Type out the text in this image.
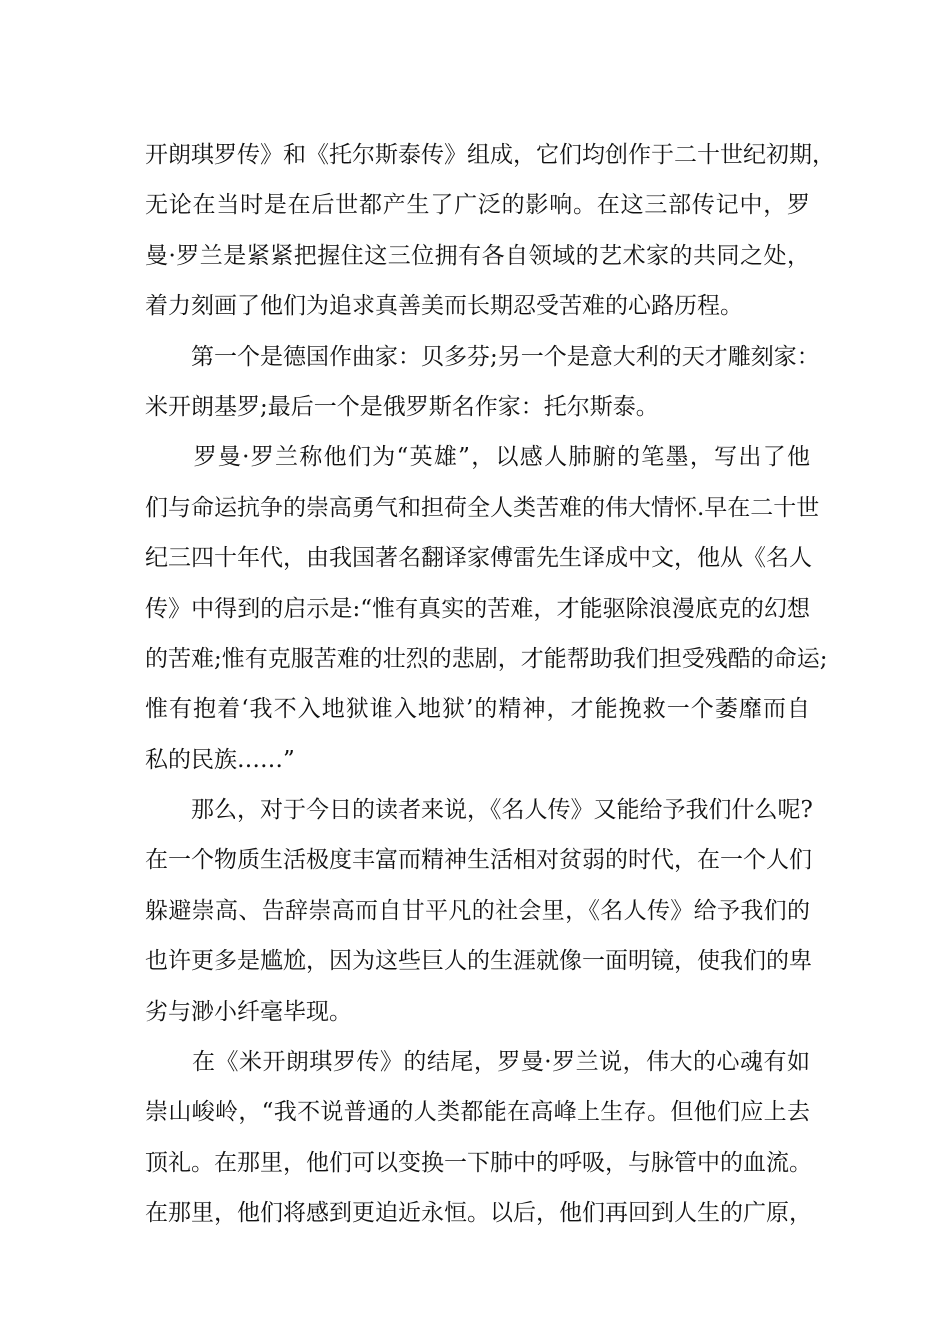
开朗琪罗传》和《托尔斯泰传》组成，它们均创作于二十世纪初期，
无论在当时是在后世都产生了广泛的影响。在这三部传记中，罗
曼·罗兰是紧紧把握住这三位拥有各自领域的艺术家的共同之处，
着力刻画了他们为追求真善美而长期忍受苦难的心路历程。
　　第一个是德国作曲家：贝多芬;另一个是意大利的天才雕刻家：
米开朗基罗;最后一个是俄罗斯名作家：托尔斯泰。
　　罗曼·罗兰称他们为“英雄”，以感人肺腑的笔墨，写出了他
们与命运抗争的崇高勇气和担荷全人类苦难的伟大情怀.早在二十世
纪三四十年代，由我国著名翻译家傅雷先生译成中文，他从《名人
传》中得到的启示是:“惟有真实的苦难，才能驱除浪漫底克的幻想
的苦难;惟有克服苦难的壮烈的悲剧，才能帮助我们担受残酷的命运;
惟有抱着‘我不入地狱谁入地狱’的精神，才能挽救一个萎靡而自
私的民族……”
　　那么，对于今日的读者来说，《名人传》又能给予我们什么呢?
在一个物质生活极度丰富而精神生活相对贫弱的时代，在一个人们
躲避崇高、告辞崇高而自甘平凡的社会里，《名人传》给予我们的
也许更多是尴尬，因为这些巨人的生涯就像一面明镜，使我们的卑
劣与渺小纤毫毕现。
　　在《米开朗琪罗传》的结尾，罗曼·罗兰说，伟大的心魂有如
崇山峻岭，“我不说普通的人类都能在高峰上生存。但他们应上去
顶礼。在那里，他们可以变换一下肺中的呼吸，与脉管中的血流。
在那里，他们将感到更迫近永恒。以后，他们再回到人生的广原，
